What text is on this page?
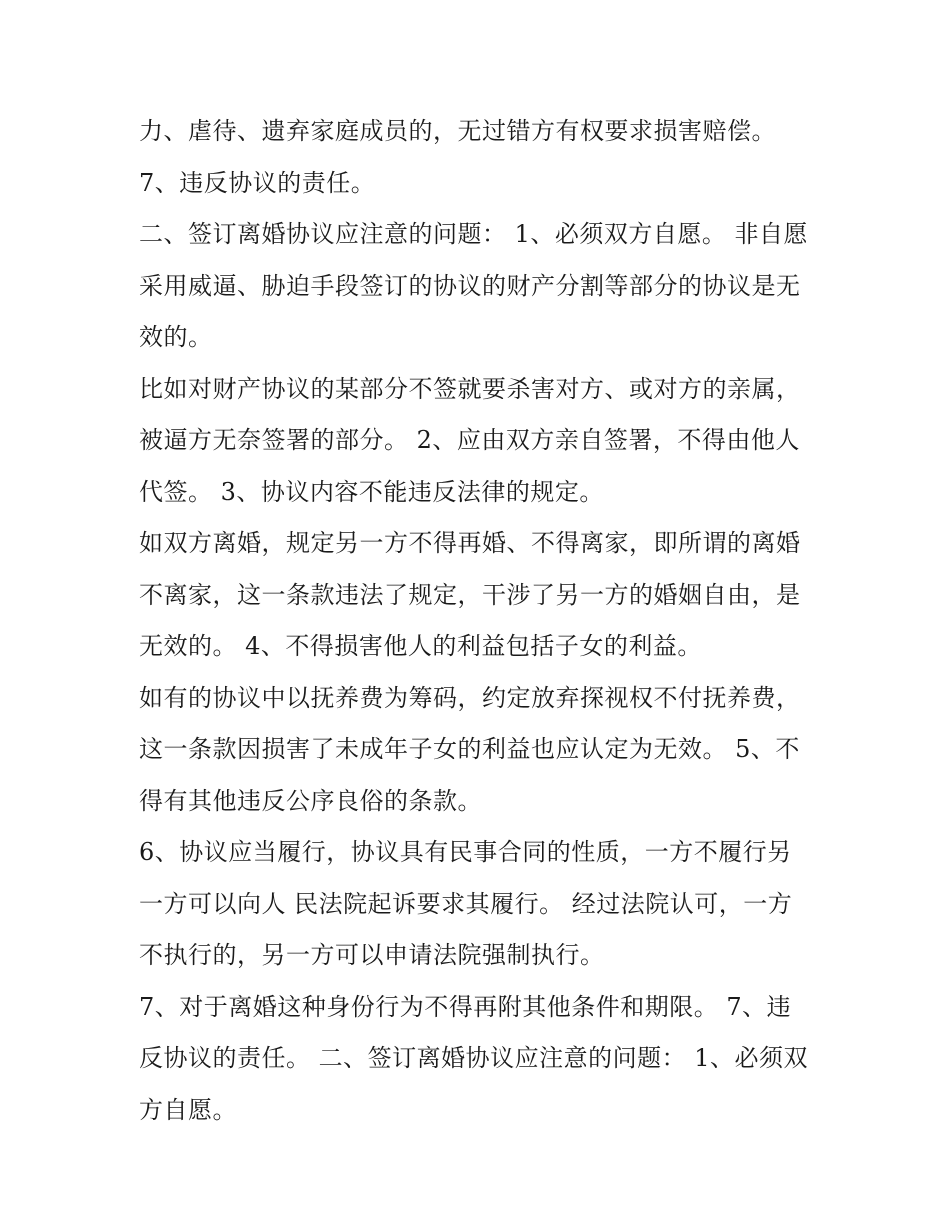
力、虐待、遗弃家庭成员的，无过错方有权要求损害赔偿。
7、违反协议的责任。
二、签订离婚协议应注意的问题： 1、必须双方自愿。 非自愿
采用威逼、胁迫手段签订的协议的财产分割等部分的协议是无
效的。
比如对财产协议的某部分不签就要杀害对方、或对方的亲属，
被逼方无奈签署的部分。 2、应由双方亲自签署，不得由他人
代签。 3、协议内容不能违反法律的规定。
如双方离婚，规定另一方不得再婚、不得离家，即所谓的离婚
不离家，这一条款违法了规定，干涉了另一方的婚姻自由，是
无效的。 4、不得损害他人的利益包括子女的利益。
如有的协议中以抚养费为筹码，约定放弃探视权不付抚养费，
这一条款因损害了未成年子女的利益也应认定为无效。 5、不
得有其他违反公序良俗的条款。
6、协议应当履行，协议具有民事合同的性质，一方不履行另
一方可以向人 民法院起诉要求其履行。 经过法院认可，一方
不执行的，另一方可以申请法院强制执行。
7、对于离婚这种身份行为不得再附其他条件和期限。 7、违
反协议的责任。 二、签订离婚协议应注意的问题： 1、必须双
方自愿。
